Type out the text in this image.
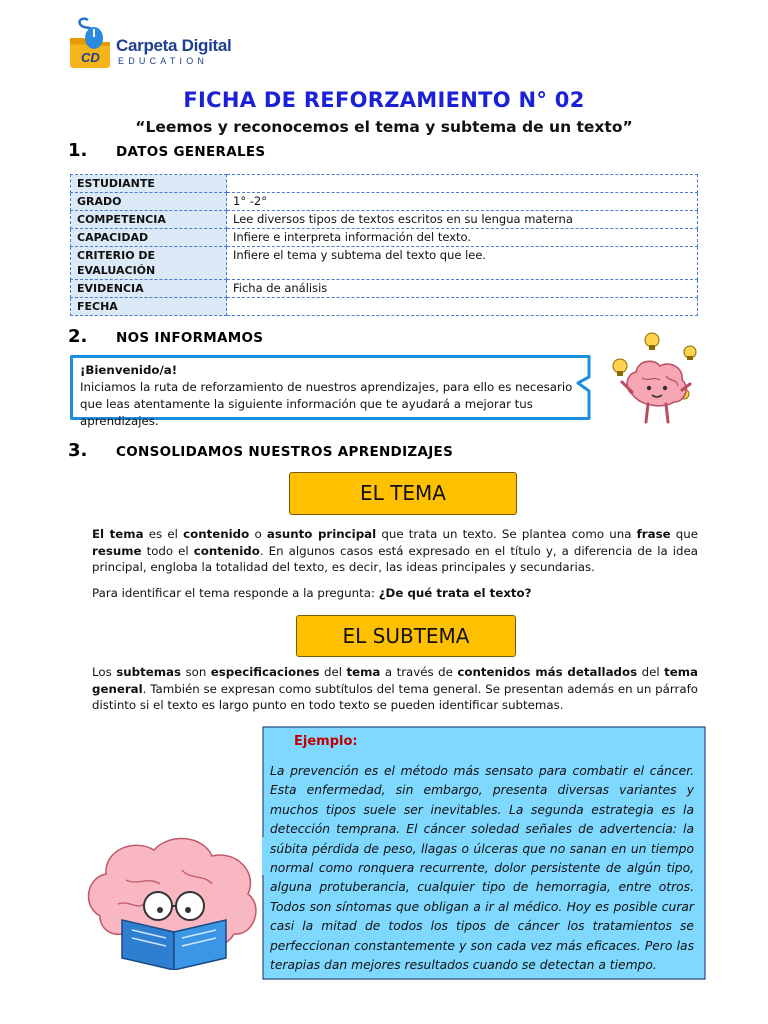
CD
Carpeta Digital
EDUCATION
FICHA DE REFORZAMIENTO N° 02
“Leemos y reconocemos el tema y subtema de un texto”
1. DATOS GENERALES
ESTUDIANTE	
GRADO	1° -2°
COMPETENCIA	Lee diversos tipos de textos escritos en su lengua materna
CAPACIDAD	Infiere e interpreta información del texto.
CRITERIO DE EVALUACIÓN	Infiere el tema y subtema del texto que lee.
EVIDENCIA	Ficha de análisis
FECHA	
2. NOS INFORMAMOS
¡Bienvenido/a!
Iniciamos la ruta de reforzamiento de nuestros aprendizajes, para ello es necesario que leas atentamente la siguiente información que te ayudará a mejorar tus aprendizajes.
3. CONSOLIDAMOS NUESTROS APRENDIZAJES
EL TEMA

El tema es el contenido o asunto principal que trata un texto. Se plantea como una frase que resume todo el contenido. En algunos casos está expresado en el título y, a diferencia de la idea principal, engloba la totalidad del texto, es decir, las ideas principales y secundarias.

Para identificar el tema responde a la pregunta: ¿De qué trata el texto?

EL SUBTEMA

Los subtemas son especificaciones del tema a través de contenidos más detallados del tema general. También se expresan como subtítulos del tema general. Se presentan además en un párrafo distinto si el texto es largo punto en todo texto se pueden identificar subtemas.

Ejemplo:
La prevención es el método más sensato para combatir el cáncer. Esta enfermedad, sin embargo, presenta diversas variantes y muchos tipos suele ser inevitables. La segunda estrategia es la detección temprana. El cáncer soledad señales de advertencia: la súbita pérdida de peso, llagas o úlceras que no sanan en un tiempo normal como ronquera recurrente, dolor persistente de algún tipo, alguna protuberancia, cualquier tipo de hemorragia, entre otros. Todos son síntomas que obligan a ir al médico. Hoy es posible curar casi la mitad de todos los tipos de cáncer los tratamientos se perfeccionan constantemente y son cada vez más eficaces. Pero las terapias dan mejores resultados cuando se detectan a tiempo.
